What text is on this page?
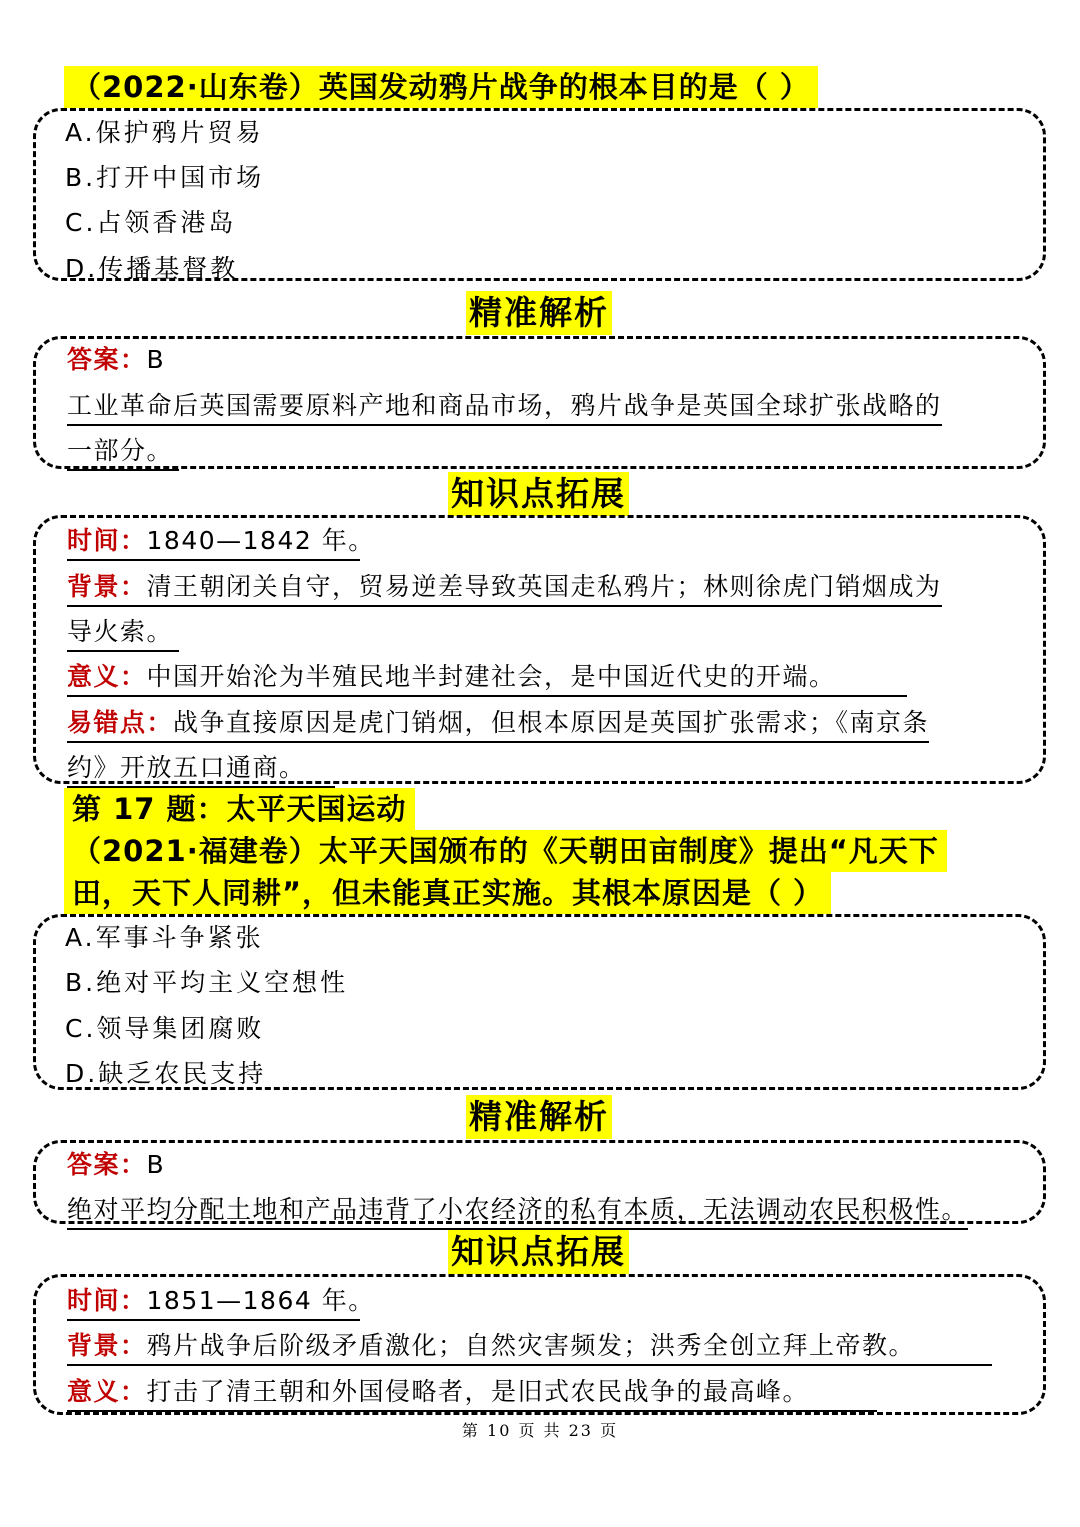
（2022·山东卷）英国发动鸦片战争的根本目的是（ ）
A.保护鸦片贸易
B.打开中国市场
C.占领香港岛
D.传播基督教
精准解析
答案：B
工业革命后英国需要原料产地和商品市场，鸦片战争是英国全球扩张战略的
一部分。
知识点拓展
时间：1840—1842 年。
背景：清王朝闭关自守，贸易逆差导致英国走私鸦片；林则徐虎门销烟成为
导火索。
意义：中国开始沦为半殖民地半封建社会，是中国近代史的开端。
易错点：战争直接原因是虎门销烟，但根本原因是英国扩张需求；《南京条
约》开放五口通商。
第 17 题：太平天国运动
（2021·福建卷）太平天国颁布的《天朝田亩制度》提出“凡天下
田，天下人同耕”，但未能真正实施。其根本原因是（ ）
A.军事斗争紧张
B.绝对平均主义空想性
C.领导集团腐败
D.缺乏农民支持
精准解析
答案：B
绝对平均分配土地和产品违背了小农经济的私有本质，无法调动农民积极性。
知识点拓展
时间：1851—1864 年。
背景：鸦片战争后阶级矛盾激化；自然灾害频发；洪秀全创立拜上帝教。
意义：打击了清王朝和外国侵略者，是旧式农民战争的最高峰。
第 10 页 共 23 页
